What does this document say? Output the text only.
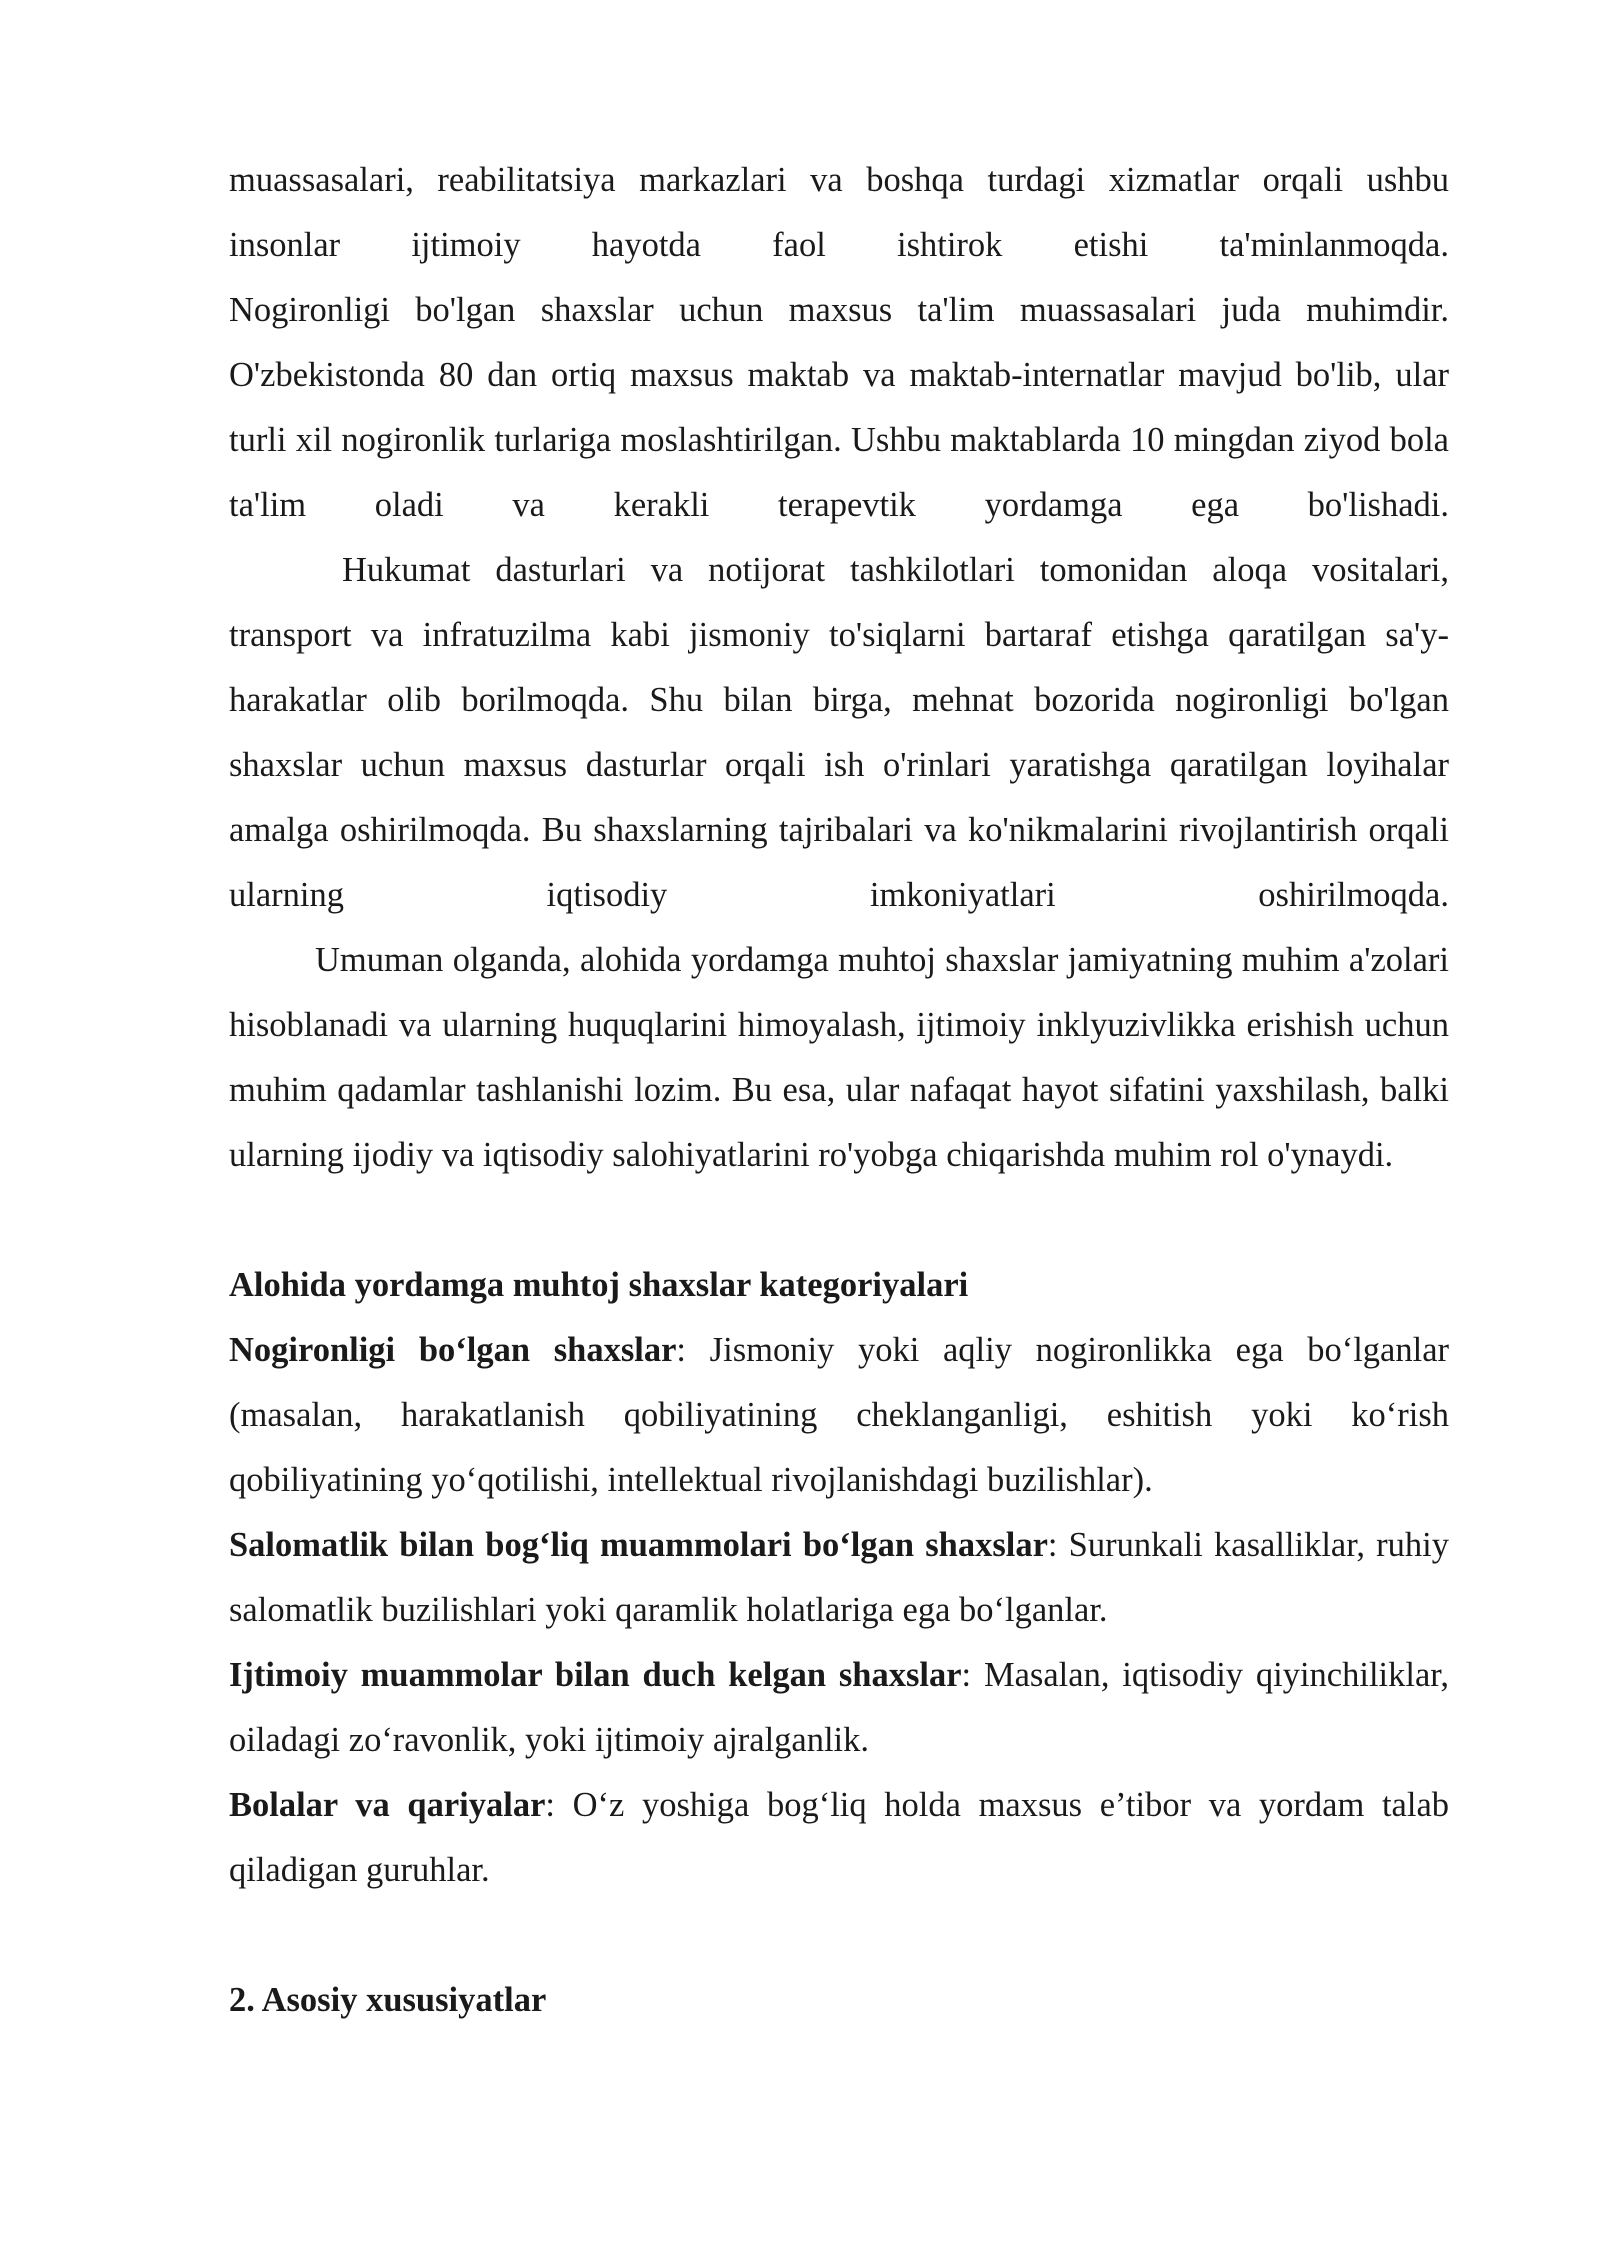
muassasalari, reabilitatsiya markazlari va boshqa turdagi xizmatlar orqali ushbu insonlar ijtimoiy hayotda faol ishtirok etishi ta'minlanmoqda.

Nogironligi bo'lgan shaxslar uchun maxsus ta'lim muassasalari juda muhimdir. O'zbekistonda 80 dan ortiq maxsus maktab va maktab-internatlar mavjud bo'lib, ular turli xil nogironlik turlariga moslashtirilgan. Ushbu maktablarda 10 mingdan ziyod bola ta'lim oladi va kerakli terapevtik yordamga ega bo'lishadi.

Hukumat dasturlari va notijorat tashkilotlari tomonidan aloqa vositalari, transport va infratuzilma kabi jismoniy to'siqlarni bartaraf etishga qaratilgan sa'y-harakatlar olib borilmoqda. Shu bilan birga, mehnat bozorida nogironligi bo'lgan shaxslar uchun maxsus dasturlar orqali ish o'rinlari yaratishga qaratilgan loyihalar amalga oshirilmoqda. Bu shaxslarning tajribalari va ko'nikmalarini rivojlantirish orqali ularning iqtisodiy imkoniyatlari oshirilmoqda.

Umuman olganda, alohida yordamga muhtoj shaxslar jamiyatning muhim a'zolari hisoblanadi va ularning huquqlarini himoyalash, ijtimoiy inklyuzivlikka erishish uchun muhim qadamlar tashlanishi lozim. Bu esa, ular nafaqat hayot sifatini yaxshilash, balki ularning ijodiy va iqtisodiy salohiyatlarini ro'yobga chiqarishda muhim rol o'ynaydi.

Alohida yordamga muhtoj shaxslar kategoriyalari

Nogironligi bo‘lgan shaxslar: Jismoniy yoki aqliy nogironlikka ega bo‘lganlar (masalan, harakatlanish qobiliyatining cheklanganligi, eshitish yoki ko‘rish qobiliyatining yo‘qotilishi, intellektual rivojlanishdagi buzilishlar).

Salomatlik bilan bog‘liq muammolari bo‘lgan shaxslar: Surunkali kasalliklar, ruhiy salomatlik buzilishlari yoki qaramlik holatlariga ega bo‘lganlar.

Ijtimoiy muammolar bilan duch kelgan shaxslar: Masalan, iqtisodiy qiyinchiliklar, oiladagi zo‘ravonlik, yoki ijtimoiy ajralganlik.

Bolalar va qariyalar: O‘z yoshiga bog‘liq holda maxsus e’tibor va yordam talab qiladigan guruhlar.

2. Asosiy xususiyatlar
